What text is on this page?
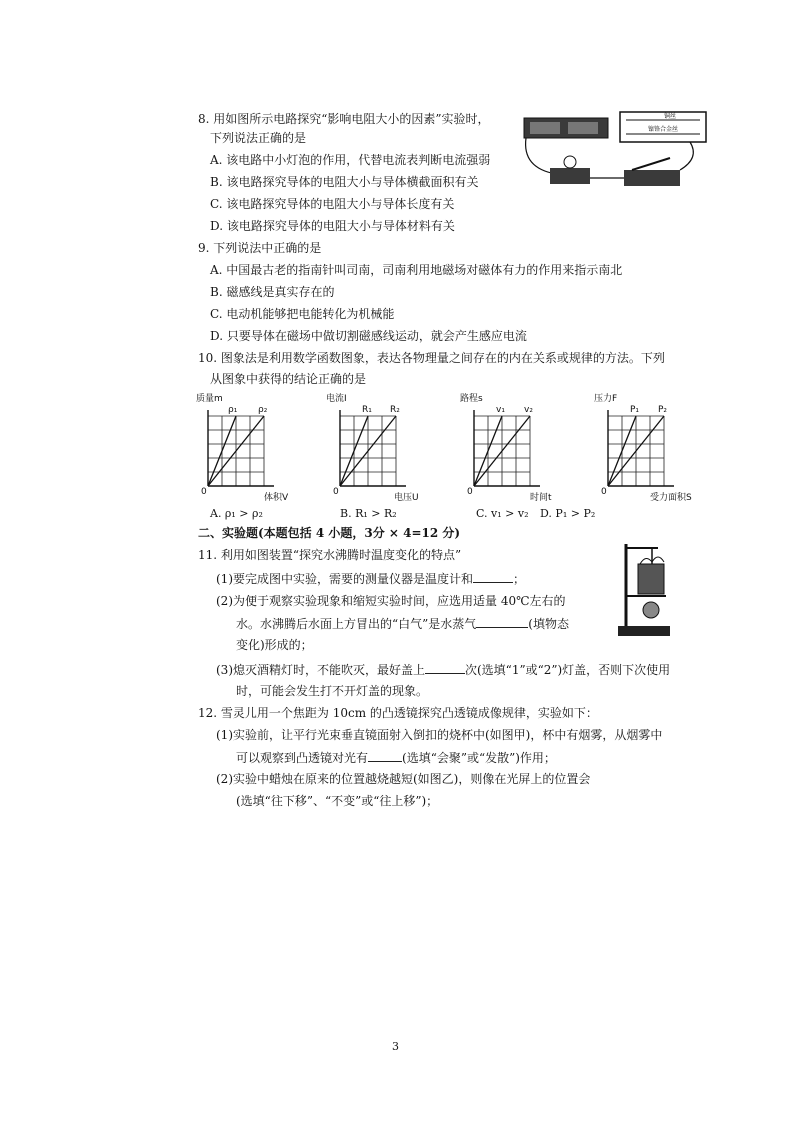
8. 用如图所示电路探究“影响电阻大小的因素”实验时，
下列说法正确的是
A. 该电路中小灯泡的作用，代替电流表判断电流强弱
B. 该电路探究导体的电阻大小与导体横截面积有关
C. 该电路探究导体的电阻大小与导体长度有关
D. 该电路探究导体的电阻大小与导体材料有关
铜丝
镍铬合金丝
9. 下列说法中正确的是
A. 中国最古老的指南针叫司南，司南利用地磁场对磁体有力的作用来指示南北
B. 磁感线是真实存在的
C. 电动机能够把电能转化为机械能
D. 只要导体在磁场中做切割磁感线运动，就会产生感应电流
10. 图象法是利用数学函数图象，表达各物理量之间存在的内在关系或规律的方法。下列
从图象中获得的结论正确的是
质量m
ρ₁ ρ₂
0
体积V
A. ρ₁ > ρ₂
电流I
R₁ R₂
0
电压U
B. R₁ > R₂
路程s
v₁ v₂
0
时间t
C. v₁ > v₂
压力F
P₁ P₂
0
受力面积S
D. P₁ > P₂
二、实验题(本题包括 4 小题，3分 × 4=12 分)
11. 利用如图装置“探究水沸腾时温度变化的特点”
(1)要完成图中实验，需要的测量仪器是温度计和	；
(2)为便于观察实验现象和缩短实验时间，应选用适量 40℃左右的
水。水沸腾后水面上方冒出的“白气”是水蒸气	(填物态
变化)形成的；
(3)熄灭酒精灯时，不能吹灭，最好盖上	次(选填“1”或“2”)灯盖，否则下次使用
时，可能会发生打不开灯盖的现象。
12. 雪灵儿用一个焦距为 10cm 的凸透镜探究凸透镜成像规律，实验如下：
(1)实验前，让平行光束垂直镜面射入倒扣的烧杯中(如图甲)，杯中有烟雾，从烟雾中
可以观察到凸透镜对光有	(选填“会聚”或“发散”)作用；
(2)实验中蜡烛在原来的位置越烧越短(如图乙)，则像在光屏上的位置会
(选填“往下移”、“不变”或“往上移”)；
3
